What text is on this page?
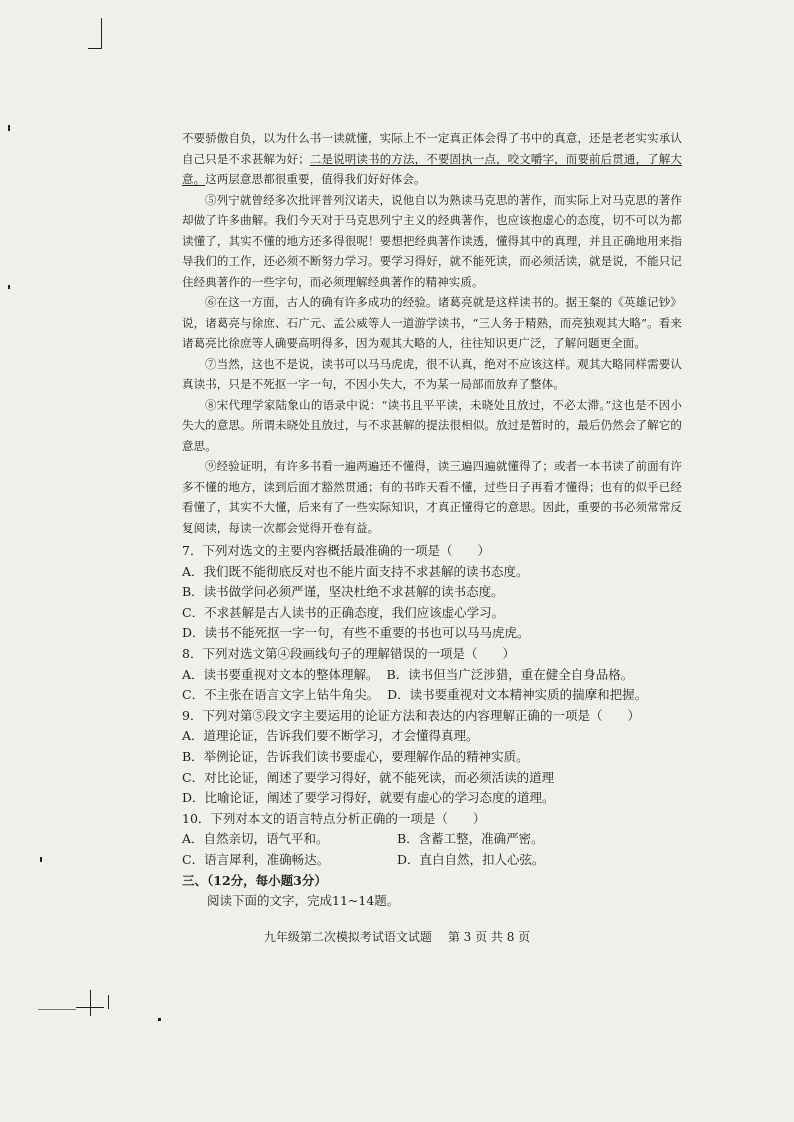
不要骄傲自负，以为什么书一读就懂，实际上不一定真正体会得了书中的真意，还是老老实实承认自己只是不求甚解为好；二是说明读书的方法，不要固执一点，咬文嚼字，而要前后贯通，了解大意。这两层意思都很重要，值得我们好好体会。

⑤列宁就曾经多次批评普列汉诺夫，说他自以为熟读马克思的著作，而实际上对马克思的著作却做了许多曲解。我们今天对于马克思列宁主义的经典著作，也应该抱虚心的态度，切不可以为都读懂了，其实不懂的地方还多得很呢！要想把经典著作读透，懂得其中的真理，并且正确地用来指导我们的工作，还必须不断努力学习。要学习得好，就不能死读，而必须活读，就是说，不能只记住经典著作的一些字句，而必须理解经典著作的精神实质。

⑥在这一方面，古人的确有许多成功的经验。诸葛亮就是这样读书的。据王粲的《英雄记钞》说，诸葛亮与徐庶、石广元、孟公威等人一道游学读书，“三人务于精熟，而亮独观其大略”。看来诸葛亮比徐庶等人确要高明得多，因为观其大略的人，往往知识更广泛，了解问题更全面。

⑦当然，这也不是说，读书可以马马虎虎，很不认真，绝对不应该这样。观其大略同样需要认真读书，只是不死抠一字一句，不因小失大，不为某一局部而放弃了整体。

⑧宋代理学家陆象山的语录中说：“读书且平平读，未晓处且放过，不必太滞。”这也是不因小失大的意思。所谓未晓处且放过，与不求甚解的提法很相似。放过是暂时的，最后仍然会了解它的意思。

⑨经验证明，有许多书看一遍两遍还不懂得，读三遍四遍就懂得了；或者一本书读了前面有许多不懂的地方，读到后面才豁然贯通；有的书昨天看不懂，过些日子再看才懂得；也有的似乎已经看懂了，其实不大懂，后来有了一些实际知识，才真正懂得它的意思。因此，重要的书必须常常反复阅读，每读一次都会觉得开卷有益。

7．下列对选文的主要内容概括最准确的一项是（　　）

A．我们既不能彻底反对也不能片面支持不求甚解的读书态度。

B．读书做学问必须严谨，坚决杜绝不求甚解的读书态度。

C．不求甚解是古人读书的正确态度，我们应该虚心学习。

D．读书不能死抠一字一句，有些不重要的书也可以马马虎虎。

8．下列对选文第④段画线句子的理解错误的一项是（　　）

A．读书要重视对文本的整体理解。 B．读书但当广泛涉猎，重在健全自身品格。

C．不主张在语言文字上钻牛角尖。 D．读书要重视对文本精神实质的揣摩和把握。

9．下列对第⑤段文字主要运用的论证方法和表达的内容理解正确的一项是（　　）

A．道理论证，告诉我们要不断学习，才会懂得真理。

B．举例论证，告诉我们读书要虚心，要理解作品的精神实质。

C．对比论证，阐述了要学习得好，就不能死读，而必须活读的道理

D．比喻论证，阐述了要学习得好，就要有虚心的学习态度的道理。

10．下列对本文的语言特点分析正确的一项是（　　）

A．自然亲切，语气平和。	B．含蓄工整，准确严密。

C．语言犀利，准确畅达。	D．直白自然，扣人心弦。

三、（12分，每小题3分）

阅读下面的文字，完成11~14题。

九年级第二次模拟考试语文试题 第 3 页 共 8 页
